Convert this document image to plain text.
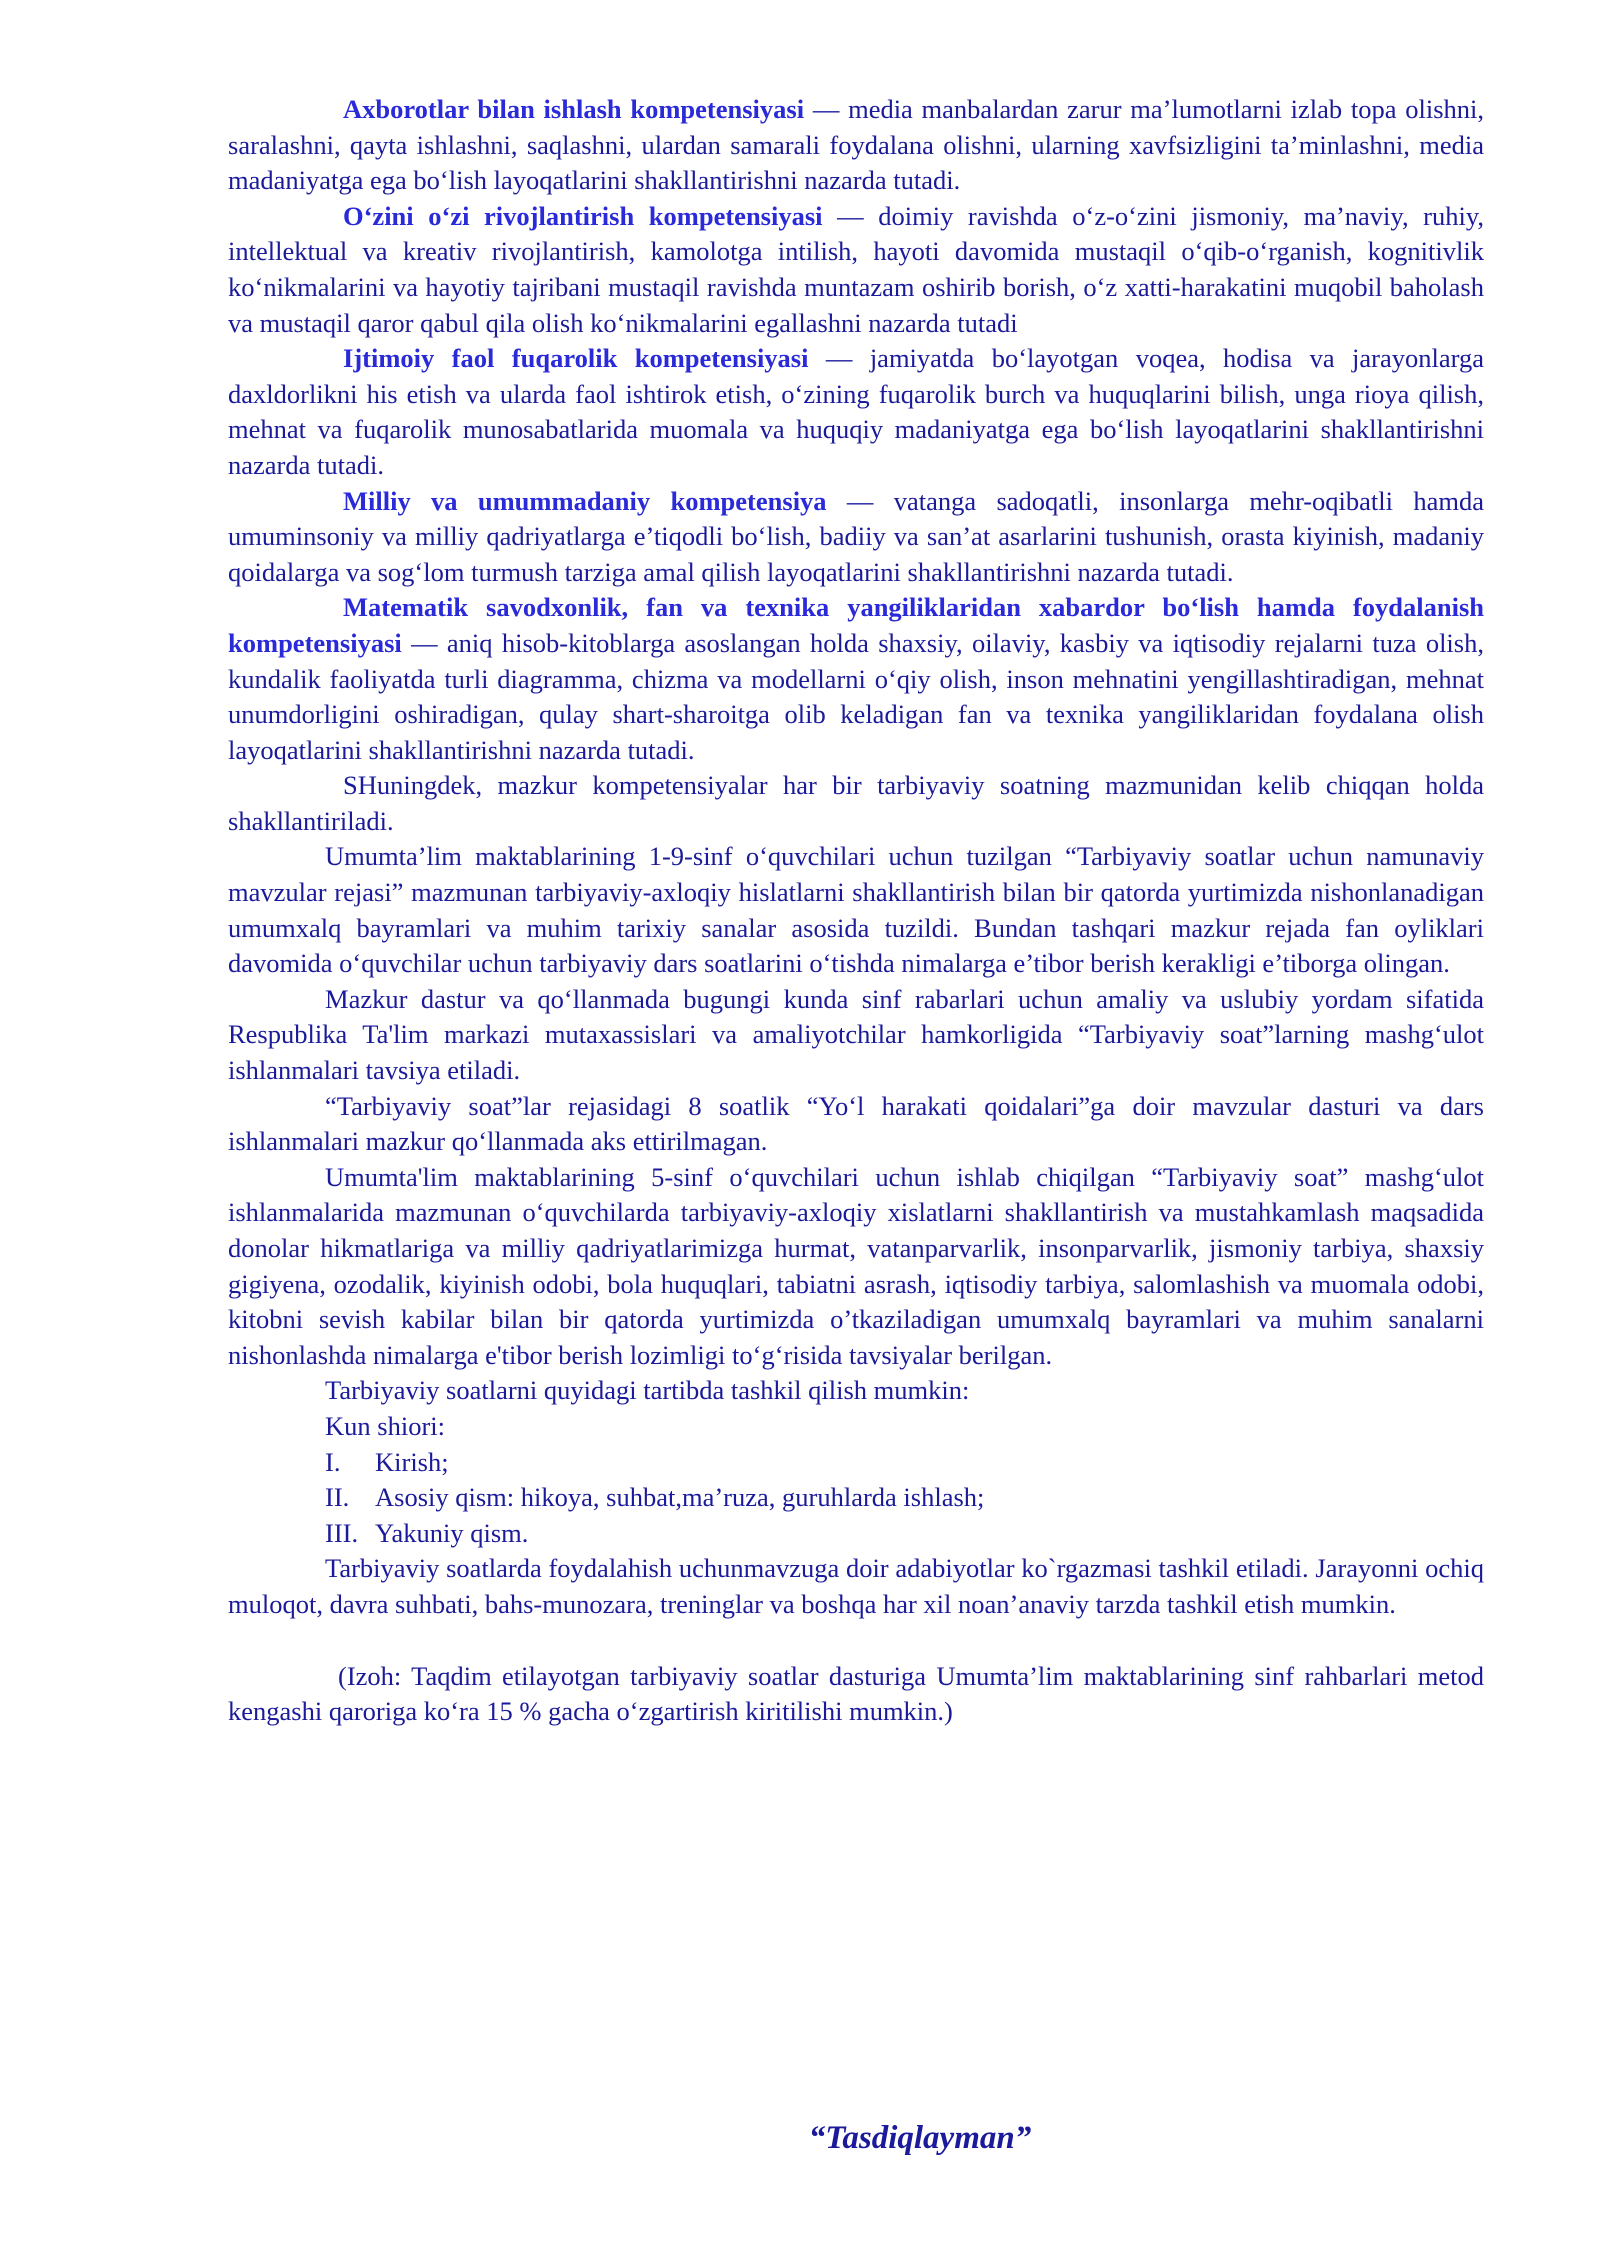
Axborotlar bilan ishlash kompetensiyasi — media manbalardan zarur ma’lumotlarni izlab topa olishni, saralashni, qayta ishlashni, saqlashni, ulardan samarali foydalana olishni, ularning xavfsizligini ta’minlashni, media madaniyatga ega bo‘lish layoqatlarini shakllantirishni nazarda tutadi.

O‘zini o‘zi rivojlantirish kompetensiyasi — doimiy ravishda o‘z-o‘zini jismoniy, ma’naviy, ruhiy, intellektual va kreativ rivojlantirish, kamolotga intilish, hayoti davomida mustaqil o‘qib-o‘rganish, kognitivlik ko‘nikmalarini va hayotiy tajribani mustaqil ravishda muntazam oshirib borish, o‘z xatti-harakatini muqobil baholash va mustaqil qaror qabul qila olish ko‘nikmalarini egallashni nazarda tutadi

Ijtimoiy faol fuqarolik kompetensiyasi — jamiyatda bo‘layotgan voqea, hodisa va jarayonlarga daxldorlikni his etish va ularda faol ishtirok etish, o‘zining fuqarolik burch va huquqlarini bilish, unga rioya qilish, mehnat va fuqarolik munosabatlarida muomala va huquqiy madaniyatga ega bo‘lish layoqatlarini shakllantirishni nazarda tutadi.

Milliy va umummadaniy kompetensiya — vatanga sadoqatli, insonlarga mehr-oqibatli hamda umuminsoniy va milliy qadriyatlarga e’tiqodli bo‘lish, badiiy va san’at asarlarini tushunish, orasta kiyinish, madaniy qoidalarga va sog‘lom turmush tarziga amal qilish layoqatlarini shakllantirishni nazarda tutadi.

Matematik savodxonlik, fan va texnika yangiliklaridan xabardor bo‘lish hamda foydalanish kompetensiyasi — aniq hisob-kitoblarga asoslangan holda shaxsiy, oilaviy, kasbiy va iqtisodiy rejalarni tuza olish, kundalik faoliyatda turli diagramma, chizma va modellarni o‘qiy olish, inson mehnatini yengillashtiradigan, mehnat unumdorligini oshiradigan, qulay shart-sharoitga olib keladigan fan va texnika yangiliklaridan foydalana olish layoqatlarini shakllantirishni nazarda tutadi.

SHuningdek, mazkur kompetensiyalar har bir tarbiyaviy soatning mazmunidan kelib chiqqan holda shakllantiriladi.

Umumta’lim maktablarining 1-9-sinf o‘quvchilari uchun tuzilgan “Tarbiyaviy soatlar uchun namunaviy mavzular rejasi” mazmunan tarbiyaviy-axloqiy hislatlarni shakllantirish bilan bir qatorda yurtimizda nishonlanadigan umumxalq bayramlari va muhim tarixiy sanalar asosida tuzildi. Bundan tashqari mazkur rejada fan oyliklari davomida o‘quvchilar uchun tarbiyaviy dars soatlarini o‘tishda nimalarga e’tibor berish kerakligi e’tiborga olingan.

Mazkur dastur va qo‘llanmada bugungi kunda sinf rabarlari uchun amaliy va uslubiy yordam sifatida Respublika Ta'lim markazi mutaxassislari va amaliyotchilar hamkorligida “Tarbiyaviy soat”larning mashg‘ulot ishlanmalari tavsiya etiladi.

“Tarbiyaviy soat”lar rejasidagi 8 soatlik “Yo‘l harakati qoidalari”ga doir mavzular dasturi va dars ishlanmalari mazkur qo‘llanmada aks ettirilmagan.

Umumta'lim maktablarining 5-sinf o‘quvchilari uchun ishlab chiqilgan “Tarbiyaviy soat” mashg‘ulot ishlanmalarida mazmunan o‘quvchilarda tarbiyaviy-axloqiy xislatlarni shakllantirish va mustahkamlash maqsadida donolar hikmatlariga va milliy qadriyatlarimizga hurmat, vatanparvarlik, insonparvarlik, jismoniy tarbiya, shaxsiy gigiyena, ozodalik, kiyinish odobi, bola huquqlari, tabiatni asrash, iqtisodiy tarbiya, salomlashish va muomala odobi, kitobni sevish kabilar bilan bir qatorda yurtimizda o’tkaziladigan umumxalq bayramlari va muhim sanalarni nishonlashda nimalarga e'tibor berish lozimligi to‘g‘risida tavsiyalar berilgan.

Tarbiyaviy soatlarni quyidagi tartibda tashkil qilish mumkin:

Kun shiori:

I. Kirish;

II. Asosiy qism: hikoya, suhbat,ma’ruza, guruhlarda ishlash;

III. Yakuniy qism.

Tarbiyaviy soatlarda foydalahish uchunmavzuga doir adabiyotlar ko`rgazmasi tashkil etiladi. Jarayonni ochiq muloqot, davra suhbati, bahs-munozara, treninglar va boshqa har xil noan’anaviy tarzda tashkil etish mumkin.

(Izoh: Taqdim etilayotgan tarbiyaviy soatlar dasturiga Umumta’lim maktablarining sinf rahbarlari metod kengashi qaroriga ko‘ra 15 % gacha o‘zgartirish kiritilishi mumkin.)

“Tasdiqlayman”
